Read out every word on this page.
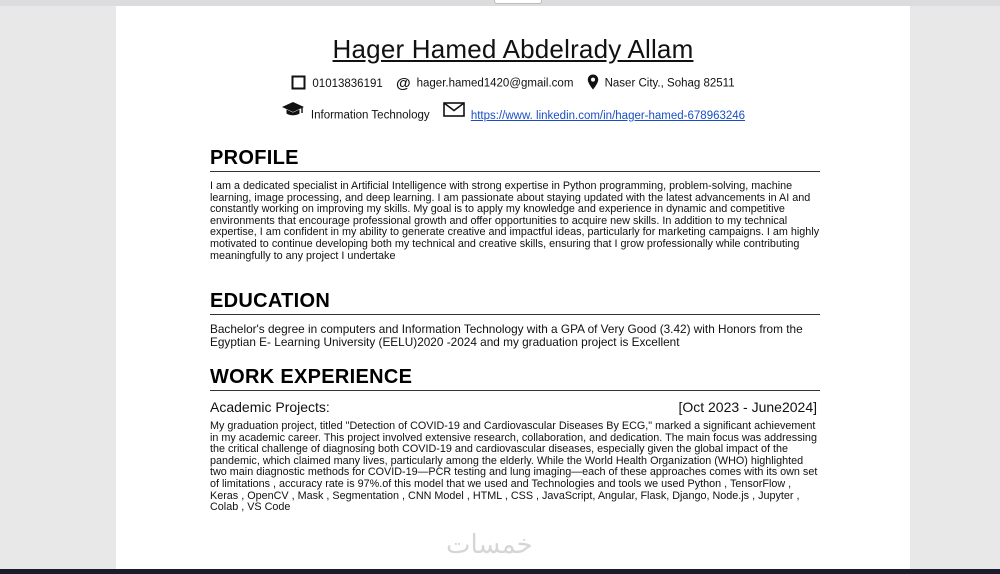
Hager Hamed Abdelrady Allam
01013836191 @ hager.hamed1420@gmail.com	Naser City., Sohag 82511
Information Technology	https://www. linkedin.com/in/hager-hamed-678963246
PROFILE
I am a dedicated specialist in Artificial Intelligence with strong expertise in Python programming, problem-solving, machine learning, image processing, and deep learning. I am passionate about staying updated with the latest advancements in AI and constantly working on improving my skills. My goal is to apply my knowledge and experience in dynamic and competitive environments that encourage professional growth and offer opportunities to acquire new skills. In addition to my technical expertise, I am confident in my ability to generate creative and impactful ideas, particularly for marketing campaigns. I am highly motivated to continue developing both my technical and creative skills, ensuring that I grow professionally while contributing meaningfully to any project I undertake
EDUCATION
Bachelor's degree in computers and Information Technology with a GPA of Very Good (3.42) with Honors from the Egyptian E- Learning University (EELU)2020 -2024 and my graduation project is Excellent
WORK EXPERIENCE
Academic Projects:	[Oct 2023 - June2024]
My graduation project, titled "Detection of COVID-19 and Cardiovascular Diseases By ECG," marked a significant achievement in my academic career. This project involved extensive research, collaboration, and dedication. The main focus was addressing the critical challenge of diagnosing both COVID-19 and cardiovascular diseases, especially given the global impact of the pandemic, which claimed many lives, particularly among the elderly. While the World Health Organization (WHO) highlighted two main diagnostic methods for COVID-19—PCR testing and lung imaging—each of these approaches comes with its own set of limitations , accuracy rate is 97%.of this model that we used and Technologies and tools we used Python , TensorFlow , Keras , OpenCV , Mask , Segmentation , CNN Model , HTML , CSS , JavaScript, Angular, Flask, Django, Node.js , Jupyter , Colab , VS Code
خمسات
